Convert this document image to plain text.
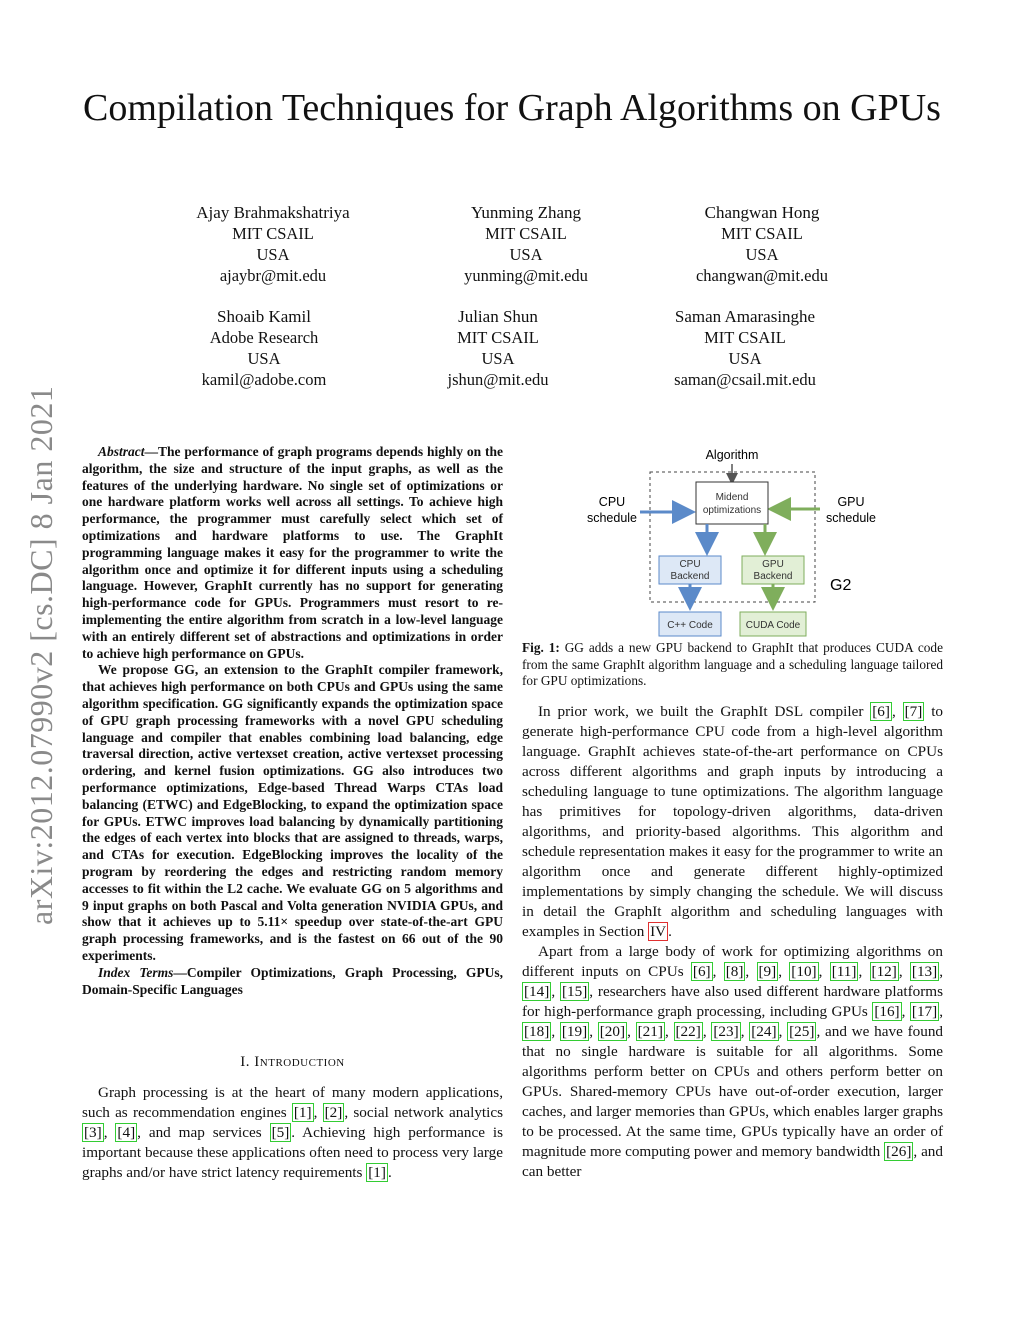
Compilation Techniques for Graph Algorithms on GPUs
arXiv:2012.07990v2 [cs.DC] 8 Jan 2021
Ajay Brahmakshatriya
MIT CSAIL
USA
ajaybr@mit.edu
Yunming Zhang
MIT CSAIL
USA
yunming@mit.edu
Changwan Hong
MIT CSAIL
USA
changwan@mit.edu
Shoaib Kamil
Adobe Research
USA
kamil@adobe.com
Julian Shun
MIT CSAIL
USA
jshun@mit.edu
Saman Amarasinghe
MIT CSAIL
USA
saman@csail.mit.edu

Abstract—The performance of graph programs depends highly on the algorithm, the size and structure of the input graphs, as well as the features of the underlying hardware. No single set of optimizations or one hardware platform works well across all settings. To achieve high performance, the programmer must carefully select which set of optimizations and hardware platforms to use. The GraphIt programming language makes it easy for the programmer to write the algorithm once and optimize it for different inputs using a scheduling language. However, GraphIt currently has no support for generating high-performance code for GPUs. Programmers must resort to re-implementing the entire algorithm from scratch in a low-level language with an entirely different set of abstractions and optimizations in order to achieve high performance on GPUs.

We propose GG, an extension to the GraphIt compiler framework, that achieves high performance on both CPUs and GPUs using the same algorithm specification. GG significantly expands the optimization space of GPU graph processing frameworks with a novel GPU scheduling language and compiler that enables combining load balancing, edge traversal direction, active vertexset creation, active vertexset processing ordering, and kernel fusion optimizations. GG also introduces two performance optimizations, Edge-based Thread Warps CTAs load balancing (ETWC) and EdgeBlocking, to expand the optimization space for GPUs. ETWC improves load balancing by dynamically partitioning the edges of each vertex into blocks that are assigned to threads, warps, and CTAs for execution. EdgeBlocking improves the locality of the program by reordering the edges and restricting random memory accesses to fit within the L2 cache. We evaluate GG on 5 algorithms and 9 input graphs on both Pascal and Volta generation NVIDIA GPUs, and show that it achieves up to 5.11× speedup over state-of-the-art GPU graph processing frameworks, and is the fastest on 66 out of the 90 experiments.

Index Terms—Compiler Optimizations, Graph Processing, GPUs, Domain-Specific Languages

I. Introduction

Graph processing is at the heart of many modern applications, such as recommendation engines [1] , [2] , social network analytics [3] , [4] , and map services [5] . Achieving high performance is important because these applications often need to process very large graphs and/or have strict latency requirements [1] .

Algorithm
CPU
schedule
GPU
schedule
Midend
optimizations
CPU
Backend
GPU
Backend
G2
C++ Code	CUDA Code
Fig. 1: GG adds a new GPU backend to GraphIt that produces CUDA code from the same GraphIt algorithm language and a scheduling language tailored for GPU optimizations.

In prior work, we built the GraphIt DSL compiler [6] , [7] to generate high-performance CPU code from a high-level algorithm language. GraphIt achieves state-of-the-art performance on CPUs across different algorithms and graph inputs by introducing a scheduling language to tune optimizations. The algorithm language has primitives for topology-driven algorithms, data-driven algorithms, and priority-based algorithms. This algorithm and schedule representation makes it easy for the programmer to write an algorithm once and generate different highly-optimized implementations by simply changing the schedule. We will discuss in detail the GraphIt algorithm and scheduling languages with examples in Section IV .

Apart from a large body of work for optimizing algorithms on different inputs on CPUs [6] , [8] , [9] , [10] , [11] , [12] , [13] , [14] , [15] , researchers have also used different hardware platforms for high-performance graph processing, including GPUs [16] , [17] , [18] , [19] , [20] , [21] , [22] , [23] , [24] , [25] , and we have found that no single hardware is suitable for all algorithms. Some algorithms perform better on CPUs and others perform better on GPUs. Shared-memory CPUs have out-of-order execution, larger caches, and larger memories than GPUs, which enables larger graphs to be processed. At the same time, GPUs typically have an order of magnitude more computing power and memory bandwidth [26] , and can better
